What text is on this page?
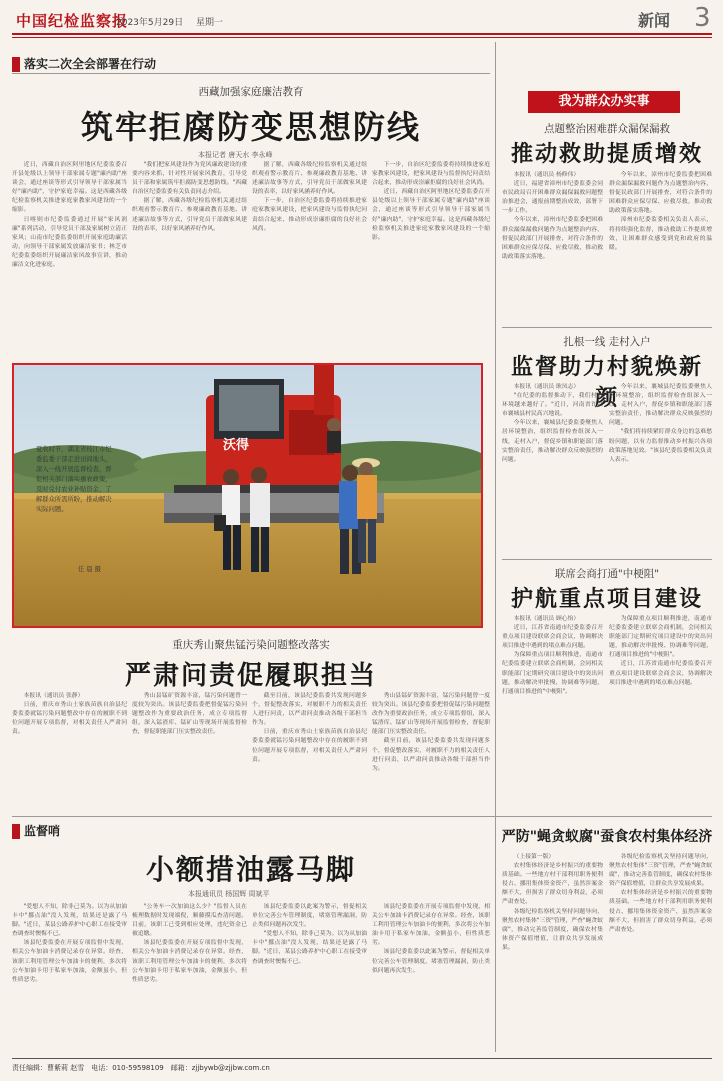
中国纪检监察报
2023年5月29日 星期一	新闻 3
落实二次全会部署在行动
西藏加强家庭廉洁教育
筑牢拒腐防变思想防线
本报记者 唐天水 李永峰

近日，西藏自治区阿里地区纪委监委召开县处级以上领导干部家属专题"廉内助"座谈会，通过座谈等形式引导领导干部家属当好"廉内助"，守护家庭幸福。这是西藏各级纪检监察机关推进家庭家教家风建设的一个缩影。

日喀则市纪委监委通过开展"家风润廉"系列活动，引导党员干部及家属树立清正家风；山南市纪委监委组织开展家庭助廉活动，向领导干部家属发放廉洁家书；林芝市纪委监委组织开展廉洁家风故事宣讲，推动廉洁文化进家庭。

"我们把家风建设作为党风廉政建设的重要内容来抓，针对性开展家风教育，引导党员干部和家属筑牢拒腐防变思想防线。"西藏自治区纪委监委有关负责同志介绍。

据了解，西藏各级纪检监察机关通过组织观看警示教育片、参观廉政教育基地、讲述廉洁故事等方式，引导党员干部做家风建设的表率，以好家风涵养好作风。

据了解，西藏各级纪检监察机关通过组织观看警示教育片、参观廉政教育基地、讲述廉洁故事等方式，引导党员干部做家风建设的表率，以好家风涵养好作风。

下一步，自治区纪委监委将持续推进家庭家教家风建设，把家风建设与监督执纪问责结合起来，推动形成崇廉拒腐的良好社会风尚。

下一步，自治区纪委监委将持续推进家庭家教家风建设，把家风建设与监督执纪问责结合起来，推动形成崇廉拒腐的良好社会风尚。

近日，西藏自治区阿里地区纪委监委召开县处级以上领导干部家属专题"廉内助"座谈会，通过座谈等形式引导领导干部家属当好"廉内助"，守护家庭幸福。这是西藏各级纪检监察机关推进家庭家教家风建设的一个缩影。

我为群众办实事
点题整治困难群众漏保漏救
推动救助提质增效

本报讯（通讯员 杨修伟）

近日，福建省漳州市纪委监委会同市民政局召开困难群众漏保漏救问题整治推进会，通报前期整治成效，部署下一步工作。

今年以来，漳州市纪委监委把困难群众漏保漏救问题作为点题整治内容，督促民政部门开展排查，对符合条件的困难群众应保尽保、应救尽救，推动救助政策落实落地。

今年以来，漳州市纪委监委把困难群众漏保漏救问题作为点题整治内容，督促民政部门开展排查，对符合条件的困难群众应保尽保、应救尽救，推动救助政策落实落地。

漳州市纪委监委相关负责人表示，将持续强化监督，推动救助工作提质增效，让困难群众感受到党和政府的温暖。

扎根一线 走村入户
监督助力村貌焕新颜

本报讯（通讯员 耿凤志）

"在纪委的监督推动下，我们村的环境越来越好了。"近日，河南省许昌市襄城县村民高兴地说。

今年以来，襄城县纪委监委聚焦人居环境整治，组织监督检查组深入一线，走村入户，督促乡镇和职能部门落实整治责任，推动解决群众反映强烈的问题。

今年以来，襄城县纪委监委聚焦人居环境整治，组织监督检查组深入一线，走村入户，督促乡镇和职能部门落实整治责任，推动解决群众反映强烈的问题。

"我们将持续紧盯群众身边的急难愁盼问题，以有力监督推动乡村振兴各项政策落地见效。"该县纪委监委相关负责人表示。

联席会商打通"中梗阻"
护航重点项目建设

本报讯（通讯员 顾心怡）

近日，江苏省南通市纪委监委召开重点项目建设联席会商会议，协调解决项目推进中遇到的堵点难点问题。

为保障重点项目顺利推进，南通市纪委监委建立联席会商机制，会同相关职能部门定期研究项目建设中的突出问题，推动解决审批慢、协调难等问题，打通项目推进的"中梗阻"。

为保障重点项目顺利推进，南通市纪委监委建立联席会商机制，会同相关职能部门定期研究项目建设中的突出问题，推动解决审批慢、协调难等问题，打通项目推进的"中梗阻"。

近日，江苏省南通市纪委监委召开重点项目建设联席会商会议，协调解决项目推进中遇到的堵点难点问题。

沃得
夏收时节，湖北省枝江市纪委监委干部走进田间地头，深入一线开展监督检查，督促相关部门落实惠农政策，及时兑付农业补贴资金，了解群众所需所盼，推动解决实际问题。
任 晨 摄
重庆秀山聚焦锰污染问题整改落实
严肃问责促履职担当

本报讯（通讯员 张静）

日前，重庆市秀山土家族苗族自治县纪委监委就锰污染问题整改中存在的履职不到位问题开展专项监督，对相关责任人严肃问责。

秀山县锰矿资源丰富，锰污染问题曾一度较为突出。该县纪委监委把督促锰污染问题整改作为重要政治任务，成立专项监督组，深入锰渣库、锰矿山等现场开展监督检查，督促职能部门压实整改责任。

截至目前，该县纪委监委共发现问题多个，督促整改落实，对履职不力的相关责任人进行问责，以严肃问责推动各级干部担当作为。

日前，重庆市秀山土家族苗族自治县纪委监委就锰污染问题整改中存在的履职不到位问题开展专项监督，对相关责任人严肃问责。

秀山县锰矿资源丰富，锰污染问题曾一度较为突出。该县纪委监委把督促锰污染问题整改作为重要政治任务，成立专项监督组，深入锰渣库、锰矿山等现场开展监督检查，督促职能部门压实整改责任。

截至目前，该县纪委监委共发现问题多个，督促整改落实，对履职不力的相关责任人进行问责，以严肃问责推动各级干部担当作为。

监督哨
小额措油露马脚
本报通讯员 杨国辉 周斌平

"爱想人不知，除非己莫为。以为从加油卡中"挪点油"没人发现，结果还是露了马脚。"近日，某县公路养护中心职工在接受审查调查时懊悔不已。

该县纪委监委在开展专项监督中发现，相关公车加油卡消费记录存在异常。经查，该职工利用管理公车加油卡的便利，多次将公车加油卡用于私家车加油，金额虽小，但性质恶劣。

"公务车一次加油这么少？"监督人员在梳理数据时发现端倪，顺藤摸瓜查清问题。目前，该职工已受到相应处理，违纪资金已被追缴。

该县纪委监委在开展专项监督中发现，相关公车加油卡消费记录存在异常。经查，该职工利用管理公车加油卡的便利，多次将公车加油卡用于私家车加油，金额虽小，但性质恶劣。

该县纪委监委以此案为警示，督促相关单位完善公车管理制度，堵塞管理漏洞，防止类似问题再次发生。

"爱想人不知，除非己莫为。以为从加油卡中"挪点油"没人发现，结果还是露了马脚。"近日，某县公路养护中心职工在接受审查调查时懊悔不已。

该县纪委监委在开展专项监督中发现，相关公车加油卡消费记录存在异常。经查，该职工利用管理公车加油卡的便利，多次将公车加油卡用于私家车加油，金额虽小，但性质恶劣。

该县纪委监委以此案为警示，督促相关单位完善公车管理制度，堵塞管理漏洞，防止类似问题再次发生。

严防"蝇贪蚁腐"蚕食农村集体经济

（上接第一版）

农村集体经济是乡村振兴的重要物质基础。一些地方村干部利用职务便利侵占、挪用集体资金资产，虽然涉案金额不大，但损害了群众切身利益，必须严肃查处。

各级纪检监察机关坚持问题导向，聚焦农村集体"三资"管理，严查"蝇贪蚁腐"，推动完善监管制度，确保农村集体资产保值增值，让群众共享发展成果。

各级纪检监察机关坚持问题导向，聚焦农村集体"三资"管理，严查"蝇贪蚁腐"，推动完善监管制度，确保农村集体资产保值增值，让群众共享发展成果。

农村集体经济是乡村振兴的重要物质基础。一些地方村干部利用职务便利侵占、挪用集体资金资产，虽然涉案金额不大，但损害了群众切身利益，必须严肃查处。

责任编辑：曹紫莉 赵雪　电话：010-59598109　邮箱：zjjbywb@zjjbw.com.cn
